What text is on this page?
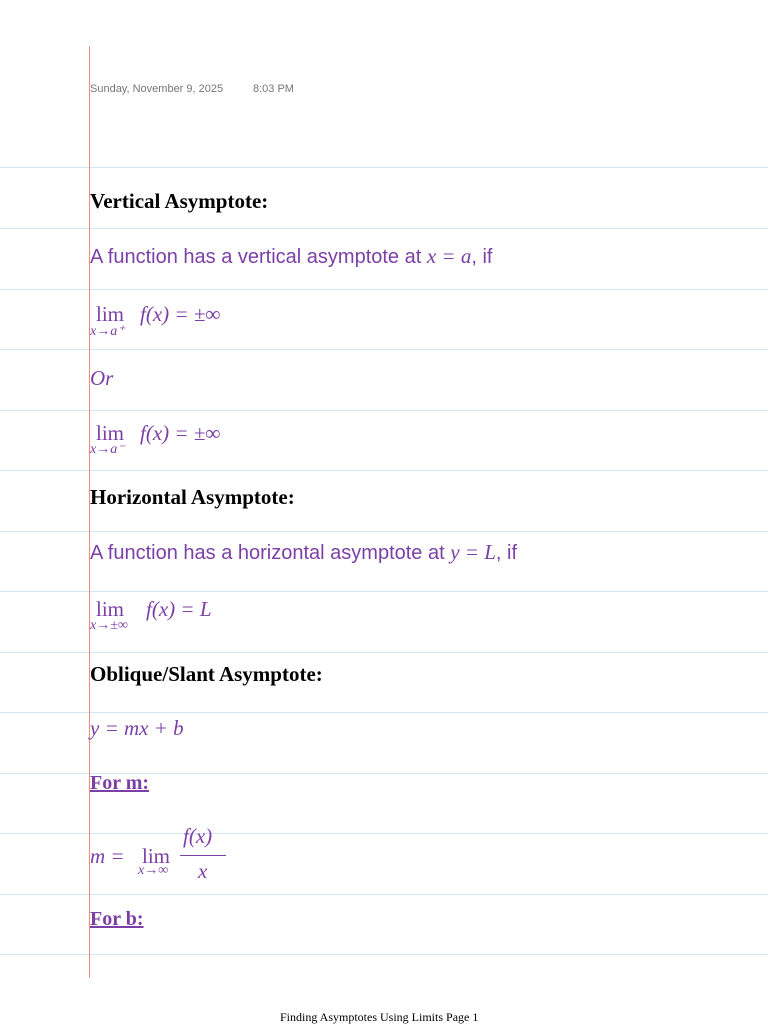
Sunday, November 9, 2025	8:03 PM
Vertical Asymptote:
A function has a vertical asymptote at x = a, if
lim
x→a⁺
f(x) = ±∞
Or
lim
x→a⁻
f(x) = ±∞
Horizontal Asymptote:
A function has a horizontal asymptote at y = L, if
lim
x→±∞
f(x) = L
Oblique/Slant Asymptote:
y = mx + b
For m:
m = lim
x→∞
f(x)
x
For b:
Finding Asymptotes Using Limits Page 1
